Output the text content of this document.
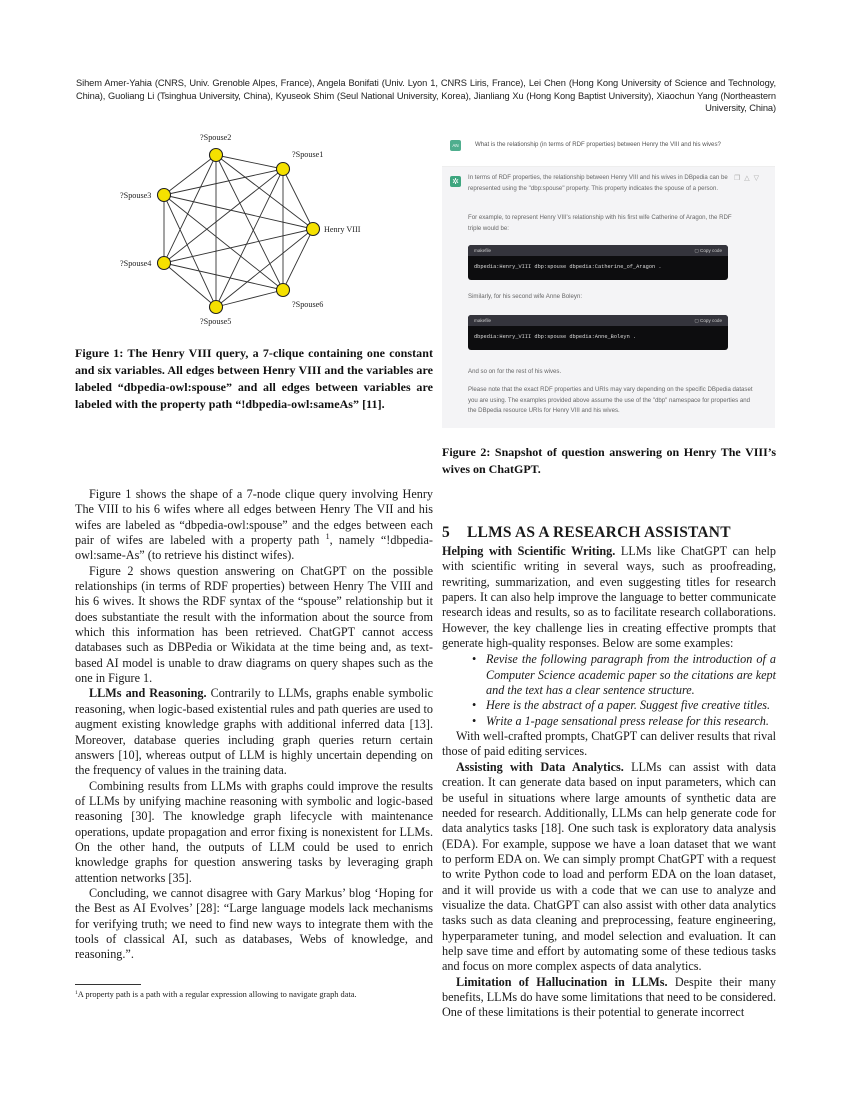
Sihem Amer-Yahia (CNRS, Univ. Grenoble Alpes, France), Angela Bonifati (Univ. Lyon 1, CNRS Liris, France), Lei Chen (Hong Kong University of Science and Technology, China), Guoliang Li (Tsinghua University, China), Kyuseok Shim (Seul National University, Korea), Jianliang Xu (Hong Kong Baptist University), Xiaochun Yang (Northeastern University, China)
?Spouse2
?Spouse1
Henry VIII
?Spouse6
?Spouse5
?Spouse4
?Spouse3
Figure 1: The Henry VIII query, a 7-clique containing one constant and six variables. All edges between Henry VIII and the variables are labeled “dbpedia-owl:spouse” and all edges between variables are labeled with the property path “!dbpedia-owl:sameAs” [11].
AN	What is the relationship (in terms of RDF properties) between Henry the VIII and his wives?
✲	❐△▽
In terms of RDF properties, the relationship between Henry VIII and his wives in DBpedia can be represented using the "dbp:spouse" property. This property indicates the spouse of a person.
For example, to represent Henry VIII's relationship with his first wife Catherine of Aragon, the RDF triple would be:
makefile	▢ Copy code
dbpedia:Henry_VIII dbp:spouse dbpedia:Catherine_of_Aragon .
Similarly, for his second wife Anne Boleyn:
makefile	▢ Copy code
dbpedia:Henry_VIII dbp:spouse dbpedia:Anne_Boleyn .
And so on for the rest of his wives.
Please note that the exact RDF properties and URIs may vary depending on the specific DBpedia dataset you are using. The examples provided above assume the use of the "dbp" namespace for properties and the DBpedia resource URIs for Henry VIII and his wives.
Figure 2: Snapshot of question answering on Henry The VIII’s wives on ChatGPT.

Figure 1 shows the shape of a 7-node clique query involving Henry The VIII to his 6 wifes where all edges between Henry The VII and his wifes are labeled as “dbpedia-owl:spouse” and the edges between each pair of wifes are labeled with a property path $^1$, namely “!dbpedia-owl:same-As” (to retrieve his distinct wifes).

Figure 2 shows question answering on ChatGPT on the possible relationships (in terms of RDF properties) between Henry The VIII and his 6 wives. It shows the RDF syntax of the “spouse” relationship but it does substantiate the result with the information about the source from which this information has been retrieved. ChatGPT cannot access databases such as DBPedia or Wikidata at the time being and, as text-based AI model is unable to draw diagrams on query shapes such as the one in Figure 1.

LLMs and Reasoning. Contrarily to LLMs, graphs enable symbolic reasoning, when logic-based existential rules and path queries are used to augment existing knowledge graphs with additional inferred data [13]. Moreover, database queries including graph queries return certain answers [10], whereas output of LLM is highly uncertain depending on the frequency of values in the training data.

Combining results from LLMs with graphs could improve the results of LLMs by unifying machine reasoning with symbolic and logic-based reasoning [30]. The knowledge graph lifecycle with maintenance operations, update propagation and error fixing is nonexistent for LLMs. On the other hand, the outputs of LLM could be used to enrich knowledge graphs for question answering tasks by leveraging graph attention networks [35].

Concluding, we cannot disagree with Gary Markus’ blog ‘Hoping for the Best as AI Evolves’ [28]: “Large language models lack mechanisms for verifying truth; we need to find new ways to integrate them with the tools of classical AI, such as databases, Webs of knowledge, and reasoning.”.

$^1$A property path is a path with a regular expression allowing to navigate graph data.
5 LLMS AS A RESEARCH ASSISTANT

Helping with Scientific Writing. LLMs like ChatGPT can help with scientific writing in several ways, such as proofreading, rewriting, summarization, and even suggesting titles for research papers. It can also help improve the language to better communicate research ideas and results, so as to facilitate research collaborations. However, the key challenge lies in creating effective prompts that generate high-quality responses. Below are some examples:

• Revise the following paragraph from the introduction of a Computer Science academic paper so the citations are kept and the text has a clear sentence structure.
• Here is the abstract of a paper. Suggest five creative titles.
• Write a 1-page sensational press release for this research.

With well-crafted prompts, ChatGPT can deliver results that rival those of paid editing services.

Assisting with Data Analytics. LLMs can assist with data creation. It can generate data based on input parameters, which can be useful in situations where large amounts of synthetic data are needed for research. Additionally, LLMs can help generate code for data analytics tasks [18]. One such task is exploratory data analysis (EDA). For example, suppose we have a loan dataset that we want to perform EDA on. We can simply prompt ChatGPT with a request to write Python code to load and perform EDA on the loan dataset, and it will provide us with a code that we can use to analyze and visualize the data. ChatGPT can also assist with other data analytics tasks such as data cleaning and preprocessing, feature engineering, hyperparameter tuning, and model selection and evaluation. It can help save time and effort by automating some of these tedious tasks and focus on more complex aspects of data analytics.

Limitation of Hallucination in LLMs. Despite their many benefits, LLMs do have some limitations that need to be considered. One of these limitations is their potential to generate incorrect
